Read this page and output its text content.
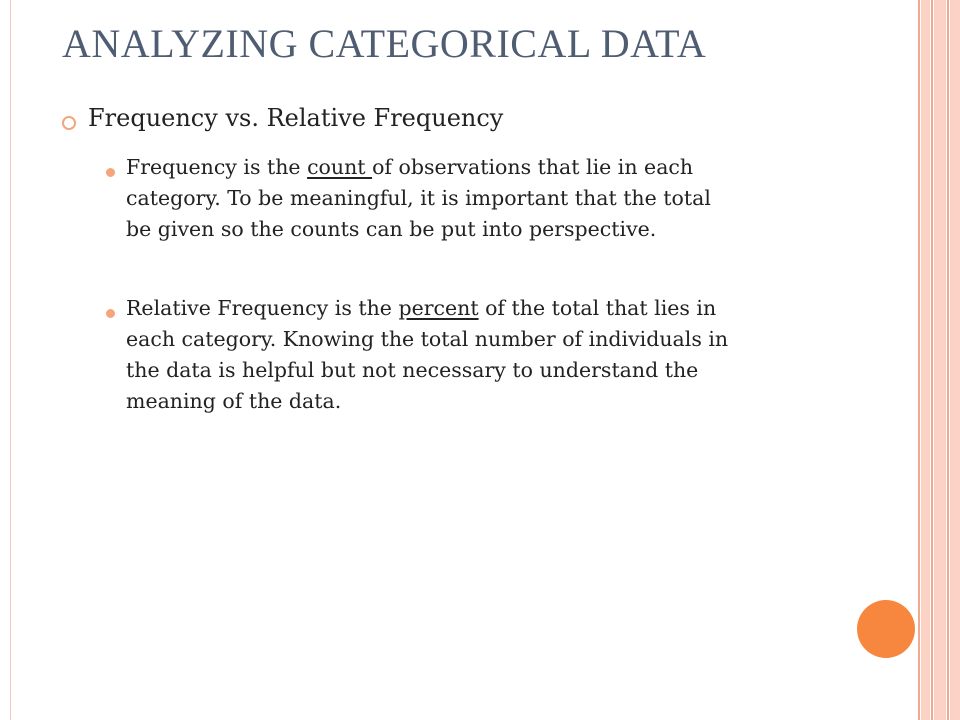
ANALYZING CATEGORICAL DATA
Frequency vs. Relative Frequency
Frequency is the count of observations that lie in each
category. To be meaningful, it is important that the total
be given so the counts can be put into perspective.
Relative Frequency is the percent of the total that lies in
each category. Knowing the total number of individuals in
the data is helpful but not necessary to understand the
meaning of the data.
